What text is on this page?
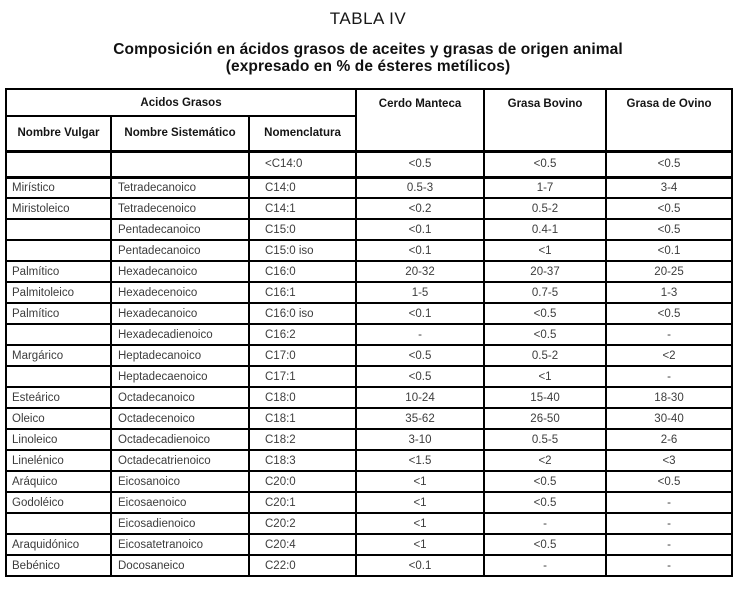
TABLA IV
Composición en ácidos grasos de aceites y grasas de origen animal
(expresado en % de ésteres metílicos)
Acidos Grasos			Cerdo Manteca	Grasa Bovino	Grasa de Ovino
Nombre Vulgar	Nombre Sistemático	Nomenclatura			
		<C14:0	<0.5	<0.5	<0.5
Mirístico	Tetradecanoico	C14:0	0.5-3	1-7	3-4
Miristoleico	Tetradecenoico	C14:1	<0.2	0.5-2	<0.5
	Pentadecanoico	C15:0	<0.1	0.4-1	<0.5
	Pentadecanoico	C15:0 iso	<0.1	<1	<0.1
Palmítico	Hexadecanoico	C16:0	20-32	20-37	20-25
Palmitoleico	Hexadecenoico	C16:1	1-5	0.7-5	1-3
Palmítico	Hexadecanoico	C16:0 iso	<0.1	<0.5	<0.5
	Hexadecadienoico	C16:2	-	<0.5	-
Margárico	Heptadecanoico	C17:0	<0.5	0.5-2	<2
	Heptadecaenoico	C17:1	<0.5	<1	-
Esteárico	Octadecanoico	C18:0	10-24	15-40	18-30
Oleico	Octadecenoico	C18:1	35-62	26-50	30-40
Linoleico	Octadecadienoico	C18:2	3-10	0.5-5	2-6
Linelénico	Octadecatrienoico	C18:3	<1.5	<2	<3
Aráquico	Eicosanoico	C20:0	<1	<0.5	<0.5
Godoléico	Eicosaenoico	C20:1	<1	<0.5	-
	Eicosadienoico	C20:2	<1	-	-
Araquidónico	Eicosatetranoico	C20:4	<1	<0.5	-
Bebénico	Docosaneico	C22:0	<0.1	-	-
